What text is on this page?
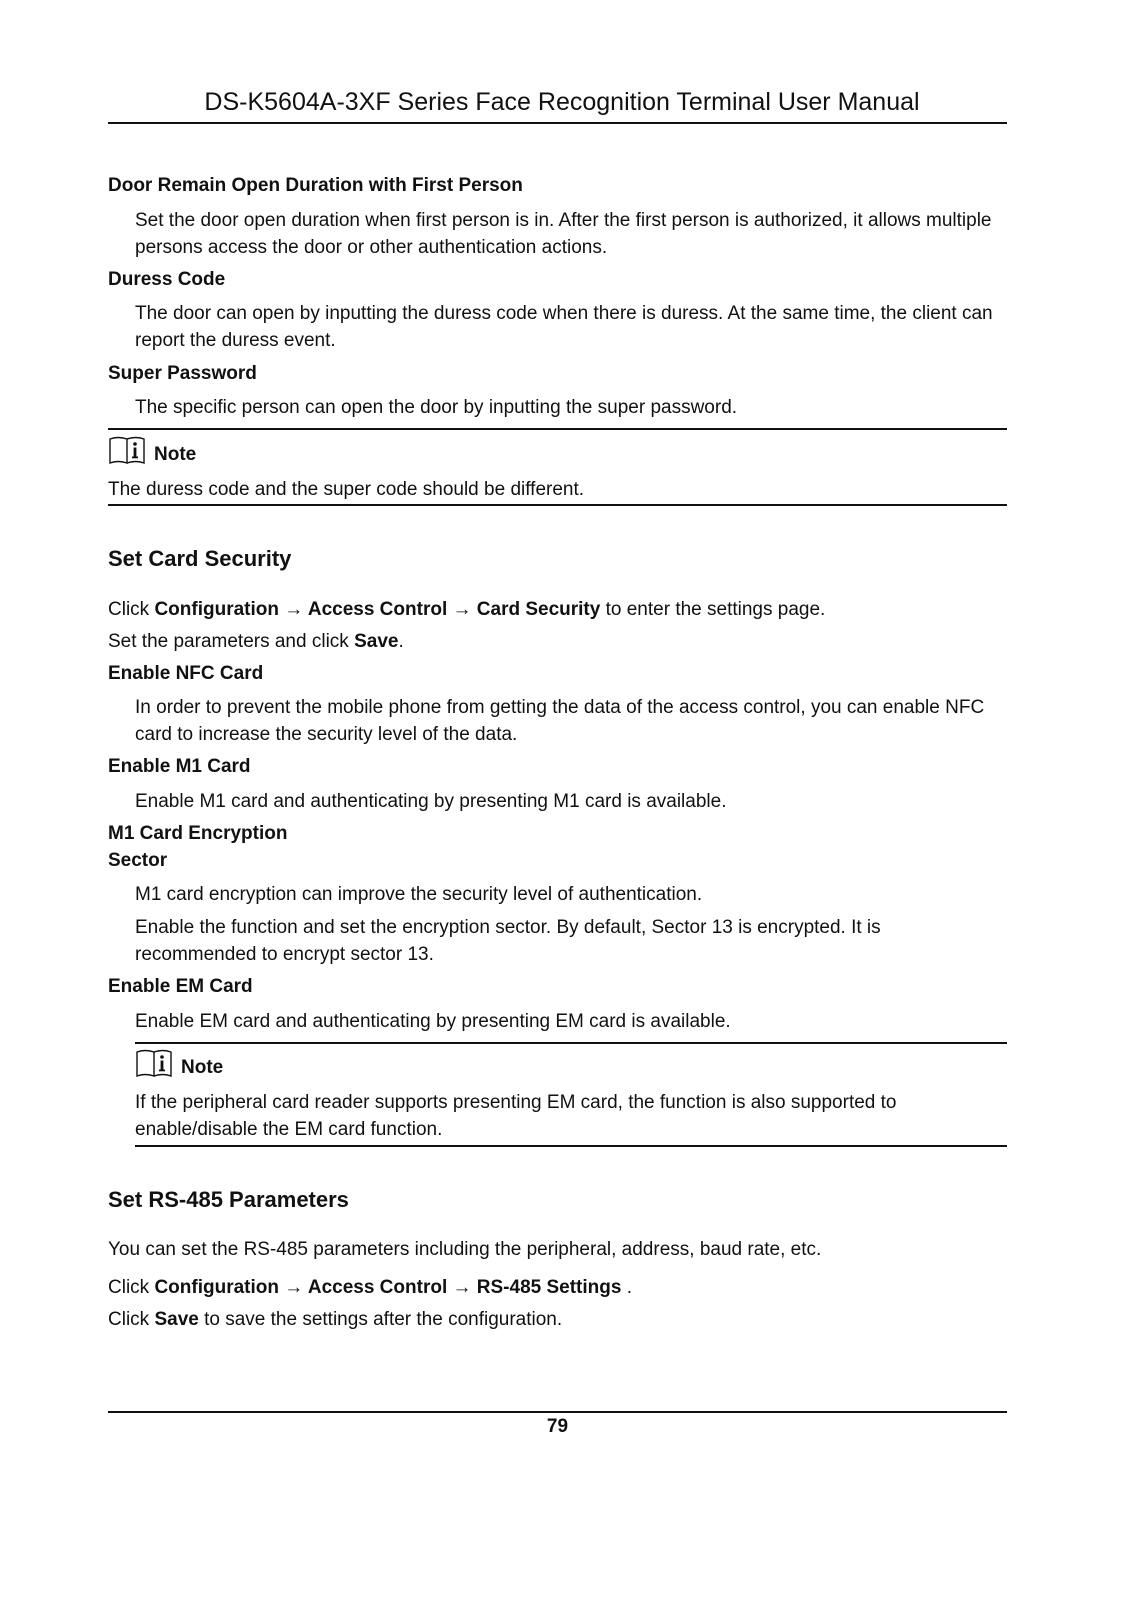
DS-K5604A-3XF Series Face Recognition Terminal User Manual
Door Remain Open Duration with First Person
Set the door open duration when first person is in. After the first person is authorized, it allows multiple persons access the door or other authentication actions.
Duress Code
The door can open by inputting the duress code when there is duress. At the same time, the client can report the duress event.
Super Password
The specific person can open the door by inputting the super password.
Note
The duress code and the super code should be different.
Set Card Security
Click Configuration → Access Control → Card Security to enter the settings page.
Set the parameters and click Save.
Enable NFC Card
In order to prevent the mobile phone from getting the data of the access control, you can enable NFC card to increase the security level of the data.
Enable M1 Card
Enable M1 card and authenticating by presenting M1 card is available.
M1 Card Encryption
Sector
M1 card encryption can improve the security level of authentication.
Enable the function and set the encryption sector. By default, Sector 13 is encrypted. It is recommended to encrypt sector 13.
Enable EM Card
Enable EM card and authenticating by presenting EM card is available.
Note
If the peripheral card reader supports presenting EM card, the function is also supported to enable/disable the EM card function.
Set RS-485 Parameters
You can set the RS-485 parameters including the peripheral, address, baud rate, etc.
Click Configuration → Access Control → RS-485 Settings .
Click Save to save the settings after the configuration.
79
